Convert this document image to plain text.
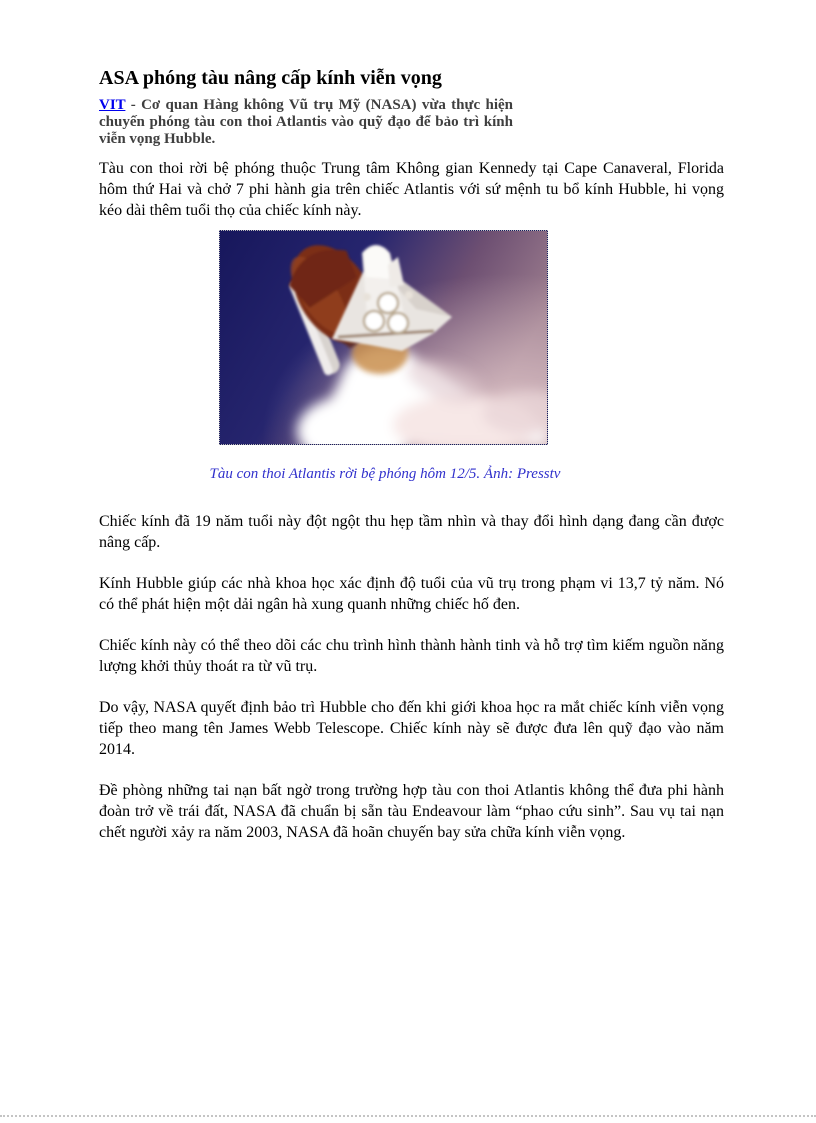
ASA phóng tàu nâng cấp kính viễn vọng

VIT - Cơ quan Hàng không Vũ trụ Mỹ (NASA) vừa thực hiện chuyến phóng tàu con thoi Atlantis vào quỹ đạo để bảo trì kính viễn vọng Hubble.

Tàu con thoi rời bệ phóng thuộc Trung tâm Không gian Kennedy tại Cape Canaveral, Florida hôm thứ Hai và chở 7 phi hành gia trên chiếc Atlantis với sứ mệnh tu bổ kính Hubble, hi vọng kéo dài thêm tuổi thọ của chiếc kính này.

Tàu con thoi Atlantis rời bệ phóng hôm 12/5. Ảnh: Presstv

Chiếc kính đã 19 năm tuổi này đột ngột thu hẹp tầm nhìn và thay đổi hình dạng đang cần được nâng cấp.

Kính Hubble giúp các nhà khoa học xác định độ tuổi của vũ trụ trong phạm vi 13,7 tỷ năm. Nó có thể phát hiện một dải ngân hà xung quanh những chiếc hố đen.

Chiếc kính này có thể theo dõi các chu trình hình thành hành tinh và hỗ trợ tìm kiếm nguồn năng lượng khởi thủy thoát ra từ vũ trụ.

Do vậy, NASA quyết định bảo trì Hubble cho đến khi giới khoa học ra mắt chiếc kính viễn vọng tiếp theo mang tên James Webb Telescope. Chiếc kính này sẽ được đưa lên quỹ đạo vào năm 2014.

Đề phòng những tai nạn bất ngờ trong trường hợp tàu con thoi Atlantis không thể đưa phi hành đoàn trở về trái đất, NASA đã chuẩn bị sẵn tàu Endeavour làm “phao cứu sinh”. Sau vụ tai nạn chết người xảy ra năm 2003, NASA đã hoãn chuyến bay sửa chữa kính viễn vọng.
